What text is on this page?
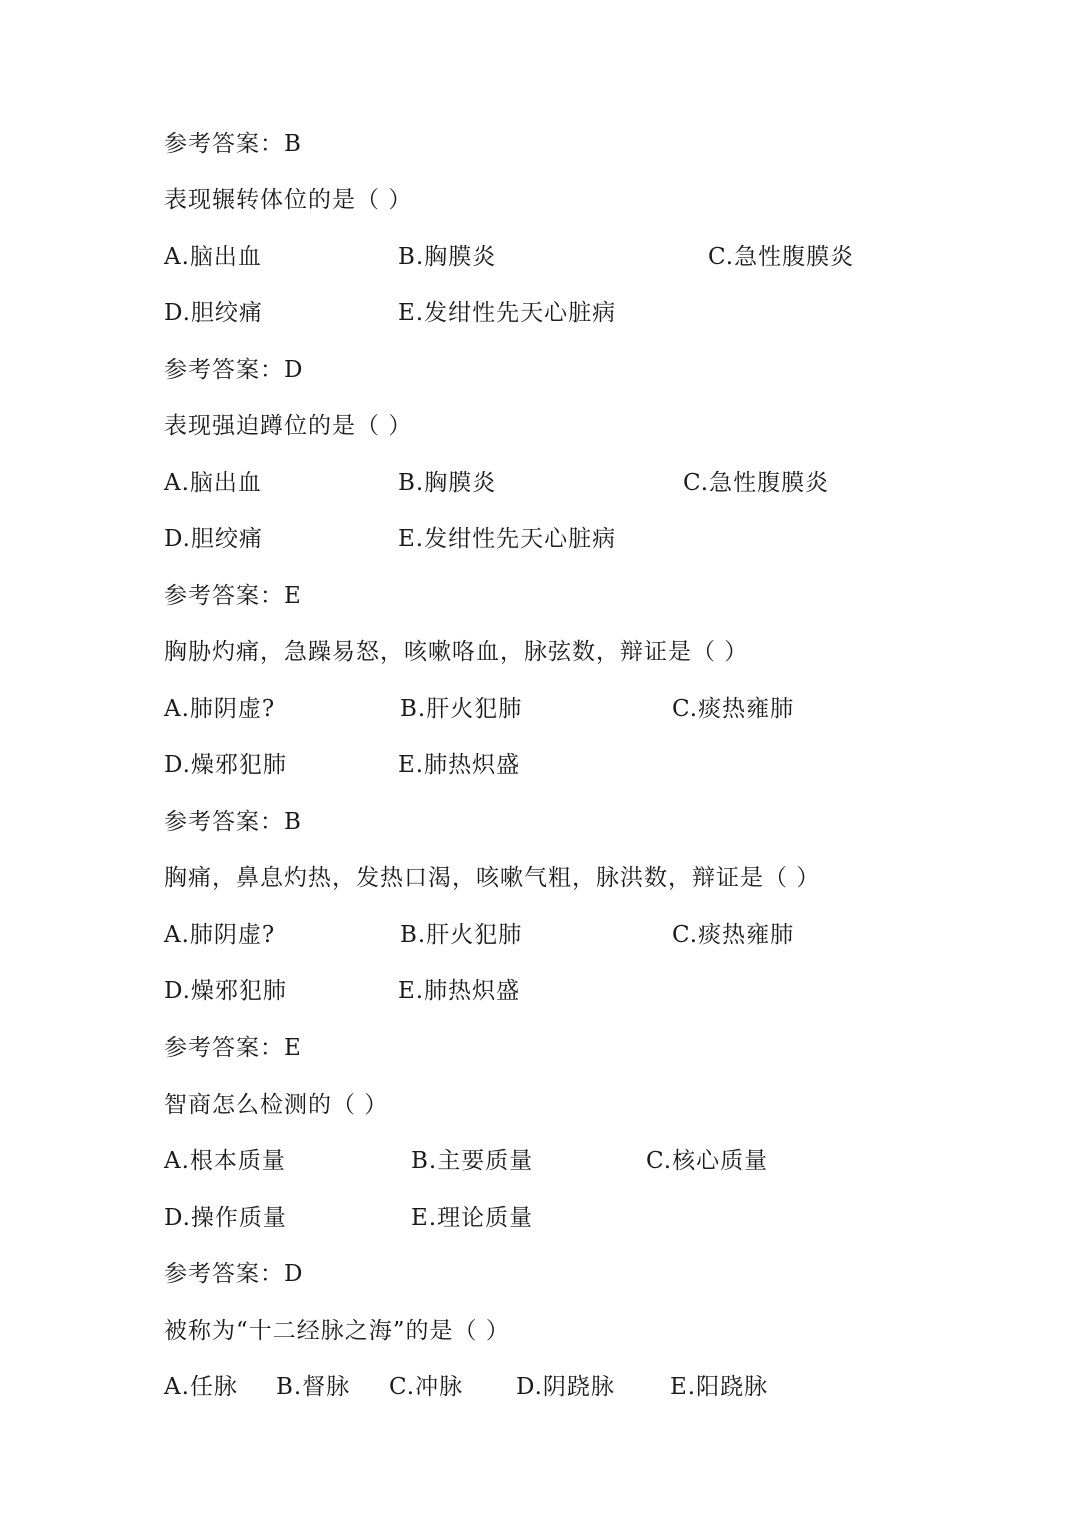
参考答案：B
表现辗转体位的是（ ）
A.脑出血	B.胸膜炎	C.急性腹膜炎
D.胆绞痛	E.发绀性先天心脏病
参考答案：D
表现强迫蹲位的是（ ）
A.脑出血	B.胸膜炎	C.急性腹膜炎
D.胆绞痛	E.发绀性先天心脏病
参考答案：E
胸胁灼痛，急躁易怒，咳嗽咯血，脉弦数，辩证是（ ）
A.肺阴虚?	B.肝火犯肺	C.痰热雍肺
D.燥邪犯肺	E.肺热炽盛
参考答案：B
胸痛，鼻息灼热，发热口渴，咳嗽气粗，脉洪数，辩证是（ ）
A.肺阴虚?	B.肝火犯肺	C.痰热雍肺
D.燥邪犯肺	E.肺热炽盛
参考答案：E
智商怎么检测的（ ）
A.根本质量	B.主要质量	C.核心质量
D.操作质量	E.理论质量
参考答案：D
被称为“十二经脉之海”的是（ ）
A.任脉 B.督脉 C.冲脉 D.阴跷脉 E.阳跷脉
